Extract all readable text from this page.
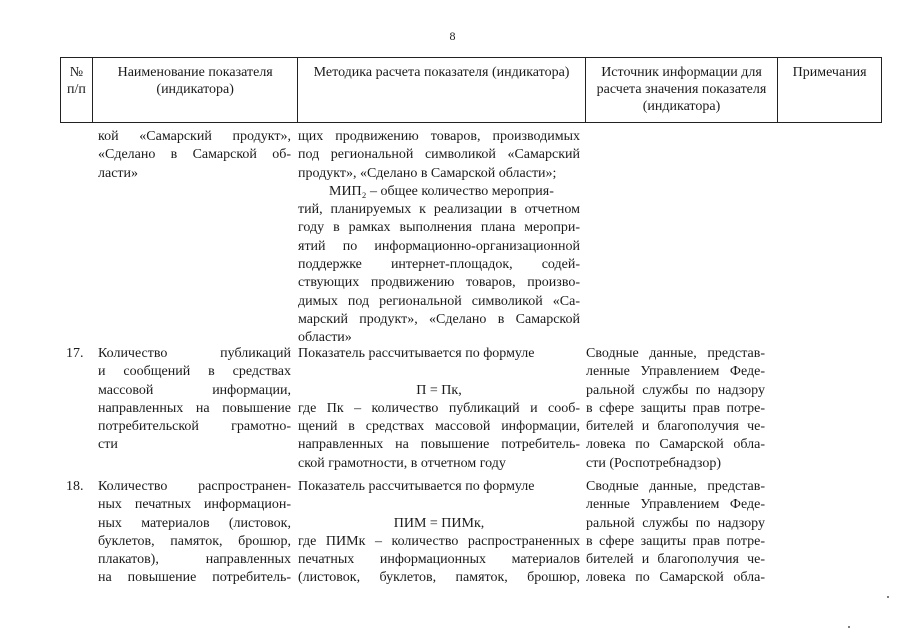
8
№
п/п
Наименование показателя
(индикатора)
Методика расчета показателя (индикатора)	Источник информации для
расчета значения показателя
(индикатора)
Примечания
кой «Самарский продукт»,
«Сделано в Самарской об-
ласти»
щих продвижению товаров, производимых
под региональной символикой «Самарский
продукт», «Сделано в Самарской области»;
МИП₂ – общее количество мероприя-
тий, планируемых к реализации в отчетном
году в рамках выполнения плана меропри-
ятий по информационно-организационной
поддержке интернет-площадок, содей-
ствующих продвижению товаров, произво-
димых под региональной символикой «Са-
марский продукт», «Сделано в Самарской
области»
17. Количество публикаций
и сообщений в средствах
массовой информации,
направленных на повышение
потребительской грамотно-
сти
Показатель рассчитывается по формуле
П = Пк,
где Пк – количество публикаций и сооб-
щений в средствах массовой информации,
направленных на повышение потребитель-
ской грамотности, в отчетном году
Сводные данные, представ-
ленные Управлением Феде-
ральной службы по надзору
в сфере защиты прав потре-
бителей и благополучия че-
ловека по Самарской обла-
сти (Роспотребнадзор)
18. Количество распространен-
ных печатных информацион-
ных материалов (листовок,
буклетов, памяток, брошюр,
плакатов), направленных
на повышение потребитель-
Показатель рассчитывается по формуле
ПИМ = ПИМк,
где ПИМк – количество распространенных
печатных информационных материалов
(листовок, буклетов, памяток, брошюр,
Сводные данные, представ-
ленные Управлением Феде-
ральной службы по надзору
в сфере защиты прав потре-
бителей и благополучия че-
ловека по Самарской обла-
